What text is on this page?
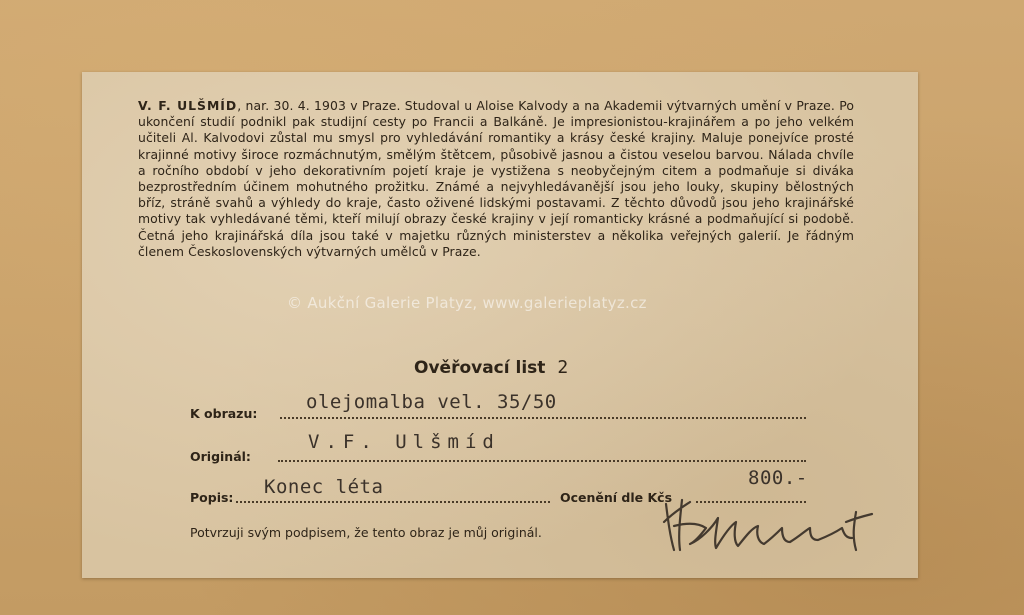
V. F. ULŠMÍD, nar. 30. 4. 1903 v Praze. Studoval u Aloise Kalvody a na Akademii výtvarných umění v Praze. Po ukončení studií podnikl pak studijní cesty po Francii a Balkáně. Je impresionistou-krajinářem a po jeho velkém učiteli Al. Kalvodovi zůstal mu smysl pro vyhledávání romantiky a krásy české krajiny. Maluje ponejvíce prosté krajinné motivy široce rozmáchnutým, smělým štětcem, působivě jasnou a čistou veselou barvou. Nálada chvíle a ročního období v jeho dekorativním pojetí kraje je vystižena s neobyčejným citem a podmaňuje si diváka bezprostředním účinem mohutného prožitku. Známé a nejvyhledávanější jsou jeho louky, skupiny bělostných bříz, stráně svahů a výhledy do kraje, často oživené lidskými postavami. Z těchto důvodů jsou jeho krajinářské motivy tak vyhledávané těmi, kteří milují obrazy české krajiny v její romanticky krásné a podmaňující si podobě. Četná jeho krajinářská díla jsou také v majetku různých ministerstev a několika veřejných galerií. Je řádným členem Československých výtvarných umělců v Praze.

© Aukční Galerie Platyz, www.galerieplatyz.cz
Ověřovací list 2
K obrazu:
olejomalba vel. 35/50
Originál:
V.F. Ulšmíd
Popis: Konec léta	Ocenění dle Kčs
800.-
Potvrzuji svým podpisem, že tento obraz je můj originál.
